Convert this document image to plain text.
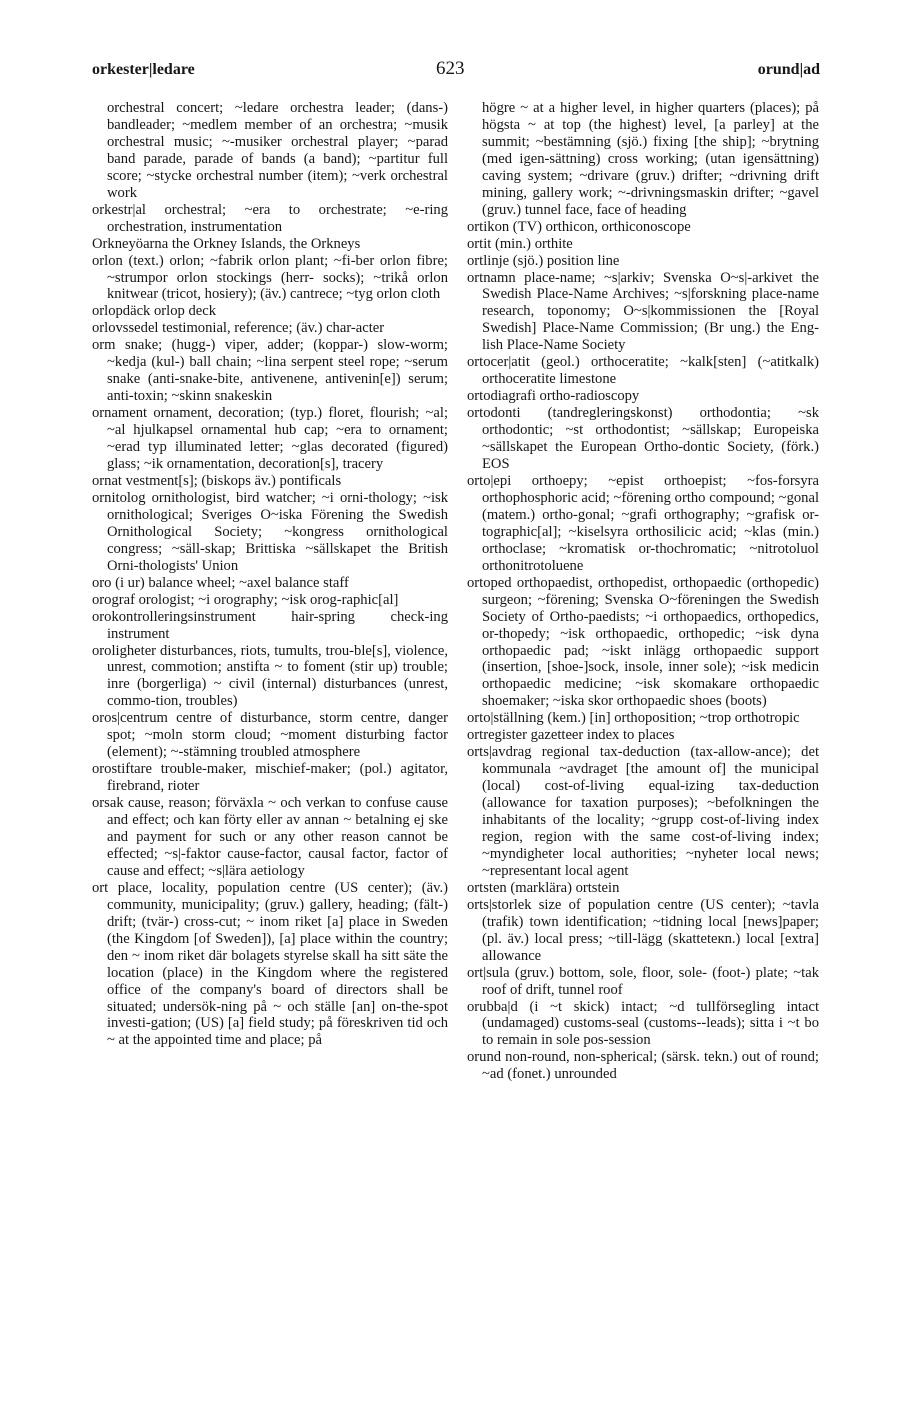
orkester|ledare	623	orund|ad

orchestral concert; ~ledare orchestra leader; (dans-) bandleader; ~medlem member of an orchestra; ~musik orchestral music; ~-musiker orchestral player; ~parad band parade, parade of bands (a band); ~partitur full score; ~stycke orchestral number (item); ~verk orchestral work

orkestr|al orchestral; ~era to orchestrate; ~e-ring orchestration, instrumentation

Orkneyöarna the Orkney Islands, the Orkneys

orlon (text.) orlon; ~fabrik orlon plant; ~fi-ber orlon fibre; ~strumpor orlon stockings (herr- socks); ~trikå orlon knitwear (tricot, hosiery); (äv.) cantrece; ~tyg orlon cloth

orlopdäck orlop deck

orlovssedel testimonial, reference; (äv.) char-acter

orm snake; (hugg-) viper, adder; (koppar-) slow-worm; ~kedja (kul-) ball chain; ~lina serpent steel rope; ~serum snake (anti-snake-bite, antivenene, antivenin[e]) serum; anti-toxin; ~skinn snakeskin

ornament ornament, decoration; (typ.) floret, flourish; ~al; ~al hjulkapsel ornamental hub cap; ~era to ornament; ~erad typ illuminated letter; ~glas decorated (figured) glass; ~ik ornamentation, decoration[s], tracery

ornat vestment[s]; (biskops äv.) pontificals

ornitolog ornithologist, bird watcher; ~i orni-thology; ~isk ornithological; Sveriges O~iska Förening the Swedish Ornithological Society; ~kongress ornithological congress; ~säll-skap; Brittiska ~sällskapet the British Orni-thologists' Union

oro (i ur) balance wheel; ~axel balance staff

orograf orologist; ~i orography; ~isk orog-raphic[al]

orokontrolleringsinstrument hair-spring check-ing instrument

oroligheter disturbances, riots, tumults, trou-ble[s], violence, unrest, commotion; anstifta ~ to foment (stir up) trouble; inre (borgerliga) ~ civil (internal) disturbances (unrest, commo-tion, troubles)

oros|centrum centre of disturbance, storm centre, danger spot; ~moln storm cloud; ~moment disturbing factor (element); ~-stämning troubled atmosphere

orostiftare trouble-maker, mischief-maker; (pol.) agitator, firebrand, rioter

orsak cause, reason; förväxla ~ och verkan to confuse cause and effect; och kan förty eller av annan ~ betalning ej ske and payment for such or any other reason cannot be effected; ~s|-faktor cause-factor, causal factor, factor of cause and effect; ~s|lära aetiology

ort place, locality, population centre (US center); (äv.) community, municipality; (gruv.) gallery, heading; (fält-) drift; (tvär-) cross-cut; ~ inom riket [a] place in Sweden (the Kingdom [of Sweden]), [a] place within the country; den ~ inom riket där bolagets styrelse skall ha sitt säte the location (place) in the Kingdom where the registered office of the company's board of directors shall be situated; undersök-ning på ~ och ställe [an] on-the-spot investi-gation; (US) [a] field study; på föreskriven tid och ~ at the appointed time and place; på

högre ~ at a higher level, in higher quarters (places); på högsta ~ at top (the highest) level, [a parley] at the summit; ~bestämning (sjö.) fixing [the ship]; ~brytning (med igen-sättning) cross working; (utan igensättning) caving system; ~drivare (gruv.) drifter; ~drivning drift mining, gallery work; ~-drivningsmaskin drifter; ~gavel (gruv.) tunnel face, face of heading

ortikon (TV) orthicon, orthiconoscope

ortit (min.) orthite

ortlinje (sjö.) position line

ortnamn place-name; ~s|arkiv; Svenska O~s|-arkivet the Swedish Place-Name Archives; ~s|forskning place-name research, toponomy; O~s|kommissionen the [Royal Swedish] Place-Name Commission; (Br ung.) the Eng-lish Place-Name Society

ortocer|atit (geol.) orthoceratite; ~kalk[sten] (~atitkalk) orthoceratite limestone

ortodiagrafi ortho-radioscopy

ortodonti (tandregleringskonst) orthodontia; ~sk orthodontic; ~st orthodontist; ~sällskap; Europeiska ~sällskapet the European Ortho-dontic Society, (förk.) EOS

orto|epi orthoepy; ~epist orthoepist; ~fos-forsyra orthophosphoric acid; ~förening ortho compound; ~gonal (matem.) ortho-gonal; ~grafi orthography; ~grafisk or-tographic[al]; ~kiselsyra orthosilicic acid; ~klas (min.) orthoclase; ~kromatisk or-thochromatic; ~nitrotoluol orthonitrotoluene

ortoped orthopaedist, orthopedist, orthopaedic (orthopedic) surgeon; ~förening; Svenska O~föreningen the Swedish Society of Ortho-paedists; ~i orthopaedics, orthopedics, or-thopedy; ~isk orthopaedic, orthopedic; ~isk dyna orthopaedic pad; ~iskt inlägg orthopaedic support (insertion, [shoe-]sock, insole, inner sole); ~isk medicin orthopaedic medicine; ~isk skomakare orthopaedic shoemaker; ~iska skor orthopaedic shoes (boots)

orto|ställning (kem.) [in] orthoposition; ~trop orthotropic

ortregister gazetteer index to places

orts|avdrag regional tax-deduction (tax-allow-ance); det kommunala ~avdraget [the amount of] the municipal (local) cost-of-living equal-izing tax-deduction (allowance for taxation purposes); ~befolkningen the inhabitants of the locality; ~grupp cost-of-living index region, region with the same cost-of-living index; ~myndigheter local authorities; ~nyheter local news; ~representant local agent

ortsten (marklära) ortstein

orts|storlek size of population centre (US center); ~tavla (trafik) town identification; ~tidning local [news]paper; (pl. äv.) local press; ~till-lägg (skatteteкn.) local [extra] allowance

ort|sula (gruv.) bottom, sole, floor, sole- (foot-) plate; ~tak roof of drift, tunnel roof

orubba|d (i ~t skick) intact; ~d tullförsegling intact (undamaged) customs-seal (customs--leads); sitta i ~t bo to remain in sole pos-session

orund non-round, non-spherical; (särsk. tekn.) out of round; ~ad (fonet.) unrounded
